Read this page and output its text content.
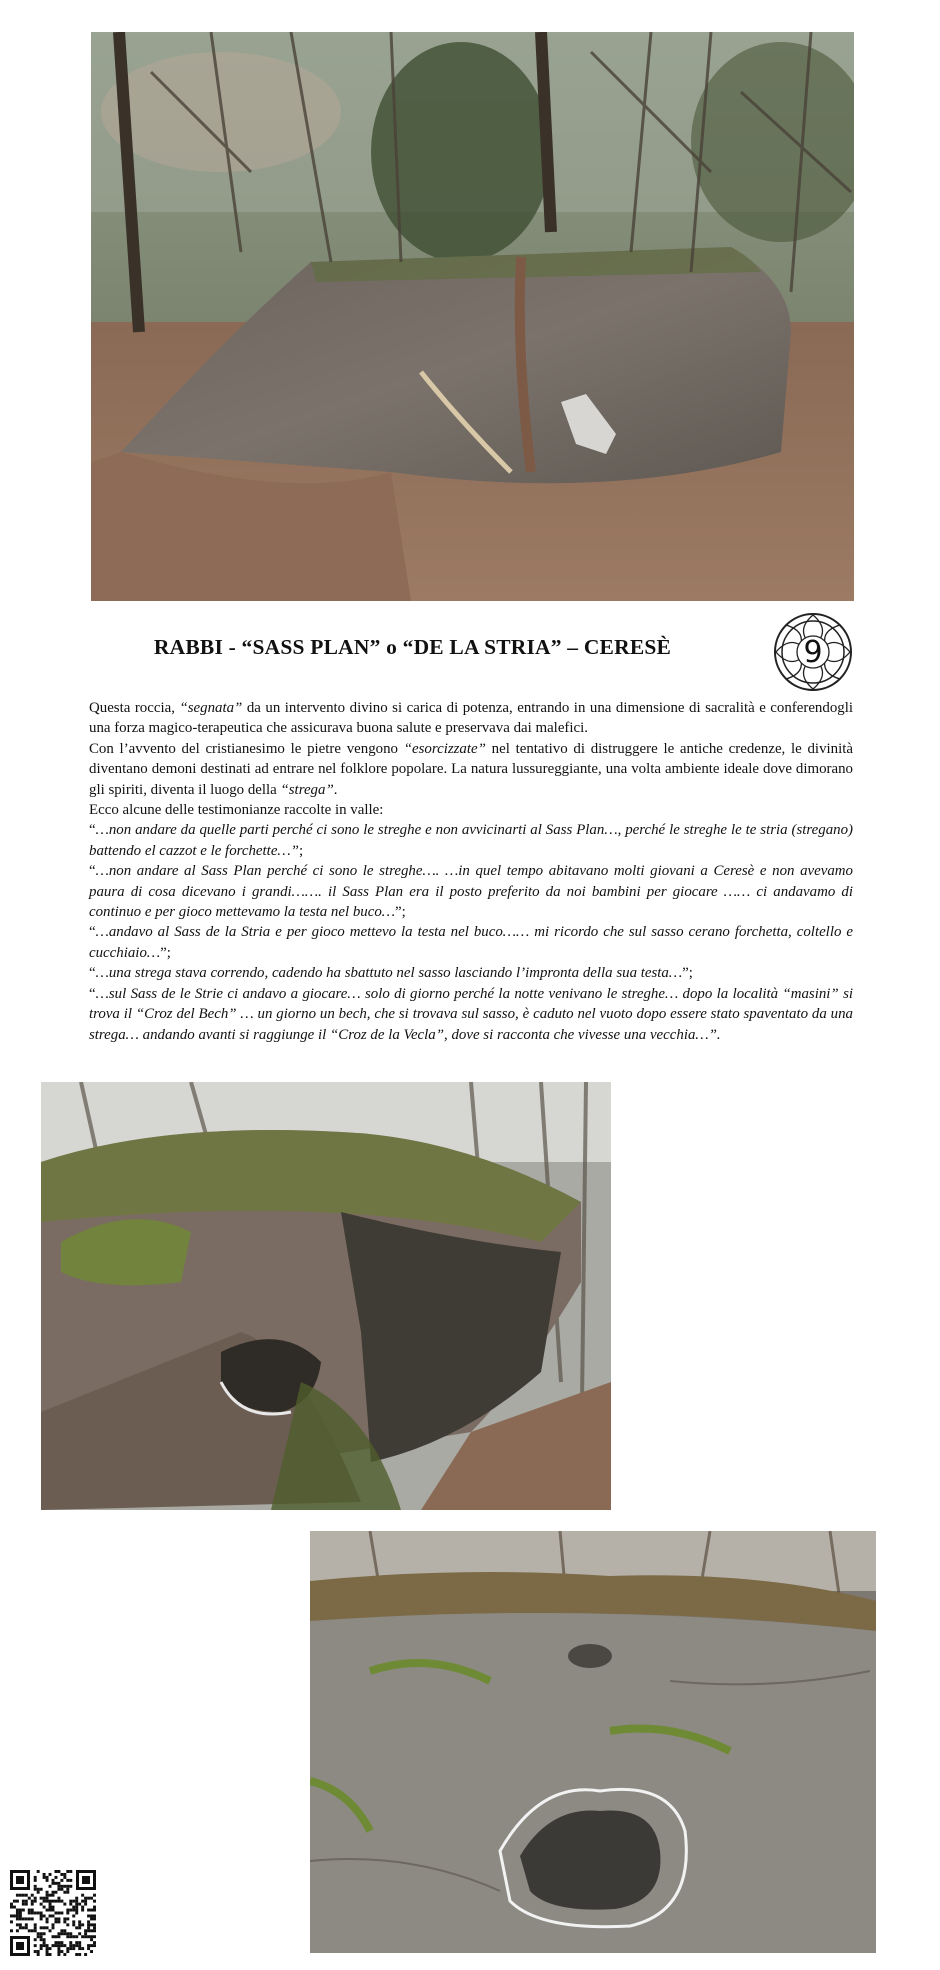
RABBI - “SASS PLAN” o “DE LA STRIA” – CERESÈ	9

Questa roccia, “segnata” da un intervento divino si carica di potenza, entrando in una dimensione di sacralità e conferendogli una forza magico-terapeutica che assicurava buona salute e preservava dai malefici.

Con l’avvento del cristianesimo le pietre vengono “esorcizzate” nel tentativo di distruggere le antiche credenze, le divinità diventano demoni destinati ad entrare nel folklore popolare. La natura lussureggiante, una volta ambiente ideale dove dimorano gli spiriti, diventa il luogo della “strega”.

Ecco alcune delle testimonianze raccolte in valle:

“…non andare da quelle parti perché ci sono le streghe e non avvicinarti al Sass Plan…, perché le streghe le te stria (stregano) battendo el cazzot e le forchette…”;

“…non andare al Sass Plan perché ci sono le streghe…. …in quel tempo abitavano molti giovani a Ceresè e non avevamo paura di cosa dicevano i grandi……. il Sass Plan era il posto preferito da noi bambini per giocare …… ci andavamo di continuo e per gioco mettevamo la testa nel buco…”;

“…andavo al Sass de la Stria e per gioco mettevo la testa nel buco…… mi ricordo che sul sasso cerano forchetta, coltello e cucchiaio…”;

“…una strega stava correndo, cadendo ha sbattuto nel sasso lasciando l’impronta della sua testa…”;

“…sul Sass de le Strie ci andavo a giocare… solo di giorno perché la notte venivano le streghe… dopo la località “masini” si trova il “Croz del Bech” … un giorno un bech, che si trovava sul sasso, è caduto nel vuoto dopo essere stato spaventato da una strega… andando avanti si raggiunge il “Croz de la Vecla”, dove si racconta che vivesse una vecchia…”.
